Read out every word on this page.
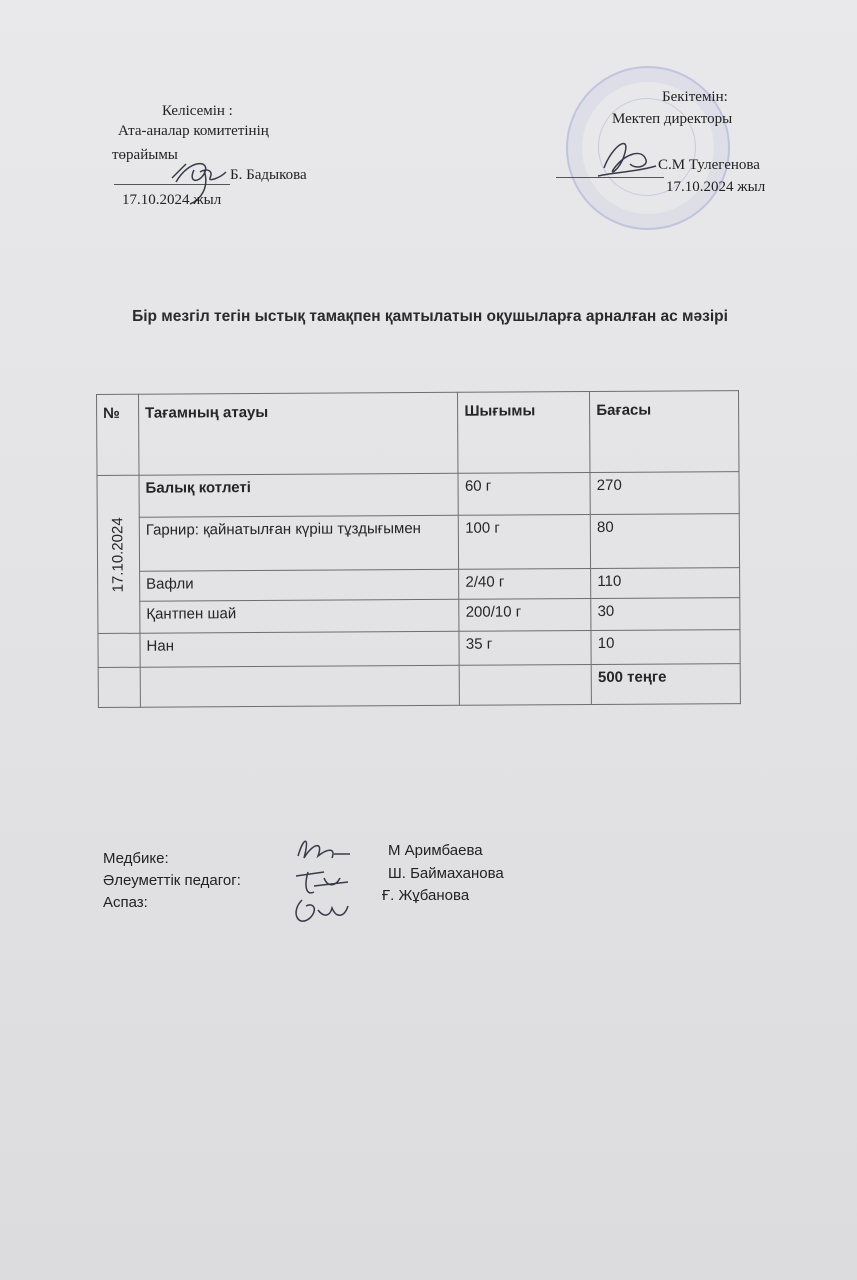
Келісемін :
Ата-аналар комитетінің
төрайымы
Б. Бадыкова
17.10.2024 жыл
Бекітемін:
Мектеп директоры
С.М Тулегенова
17.10.2024 жыл
Бір мезгіл тегін ыстық тамақпен қамтылатын оқушыларға арналған ас мәзірі
№	Тағамның атауы	Шығымы	Бағасы

17.10.2024	Балық котлеті	60 г	270
	Гарнир: қайнатылған күріш тұздығымен	100 г	80
	Вафли	2/40 г	110
	Қантпен шай	200/10 г	30
	Нан	35 г	10
			500 теңге
Медбике:
Әлеуметтік педагог:
Аспаз:
М Аримбаева
Ш. Баймаханова
Ғ. Жұбанова
